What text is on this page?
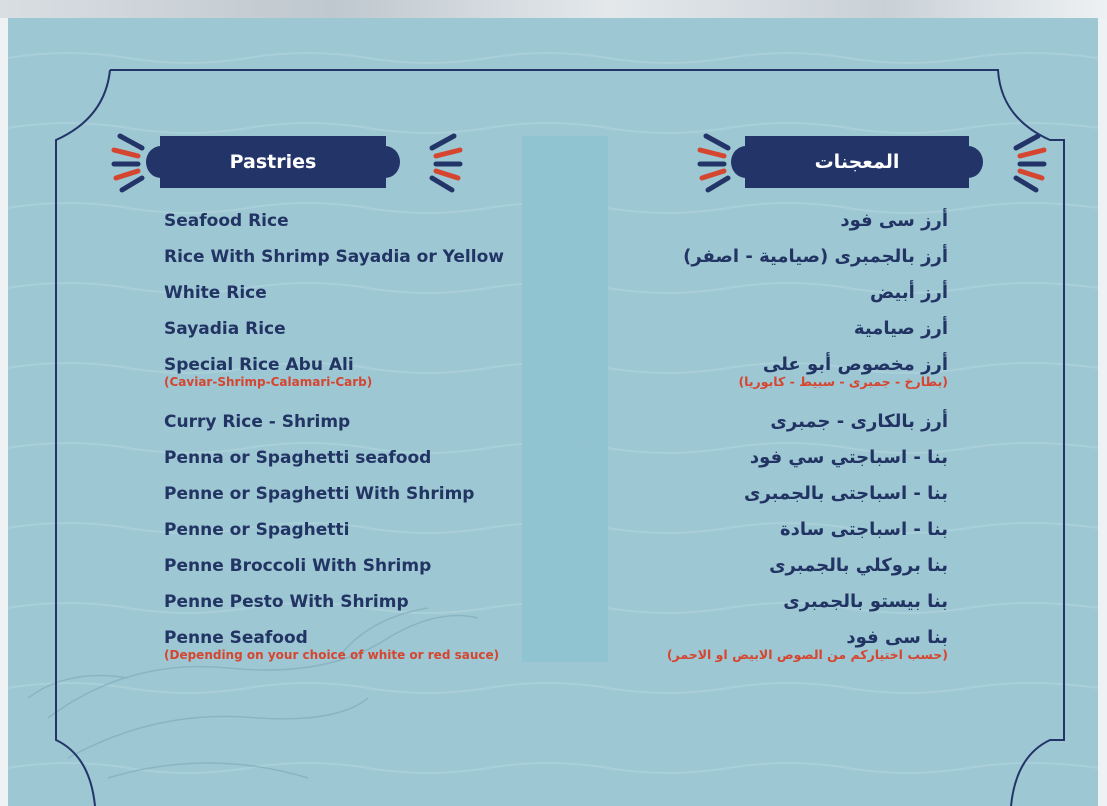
Pastries	المعجنات
Seafood Rice
Rice With Shrimp Sayadia or Yellow
White Rice
Sayadia Rice
Special Rice Abu Ali
(Caviar-Shrimp-Calamari-Carb)
Curry Rice - Shrimp
Penna or Spaghetti seafood
Penne or Spaghetti With Shrimp
Penne or Spaghetti
Penne Broccoli With Shrimp
Penne Pesto With Shrimp
Penne Seafood
(Depending on your choice of white or red sauce)
أرز سى فود
أرز بالجمبرى (صيامية - اصفر)
أرز أبيض
أرز صيامية
أرز مخصوص أبو على
(بطارخ - جمبرى - سبيط - كابوريا)
أرز بالكارى - جمبرى
بنا - اسباجتي سي فود
بنا - اسباجتى بالجمبرى
بنا - اسباجتى سادة
بنا بروكلي بالجمبرى
بنا بيستو بالجمبرى
بنا سى فود
(حسب اختياركم من الصوص الابيض او الاحمر)
